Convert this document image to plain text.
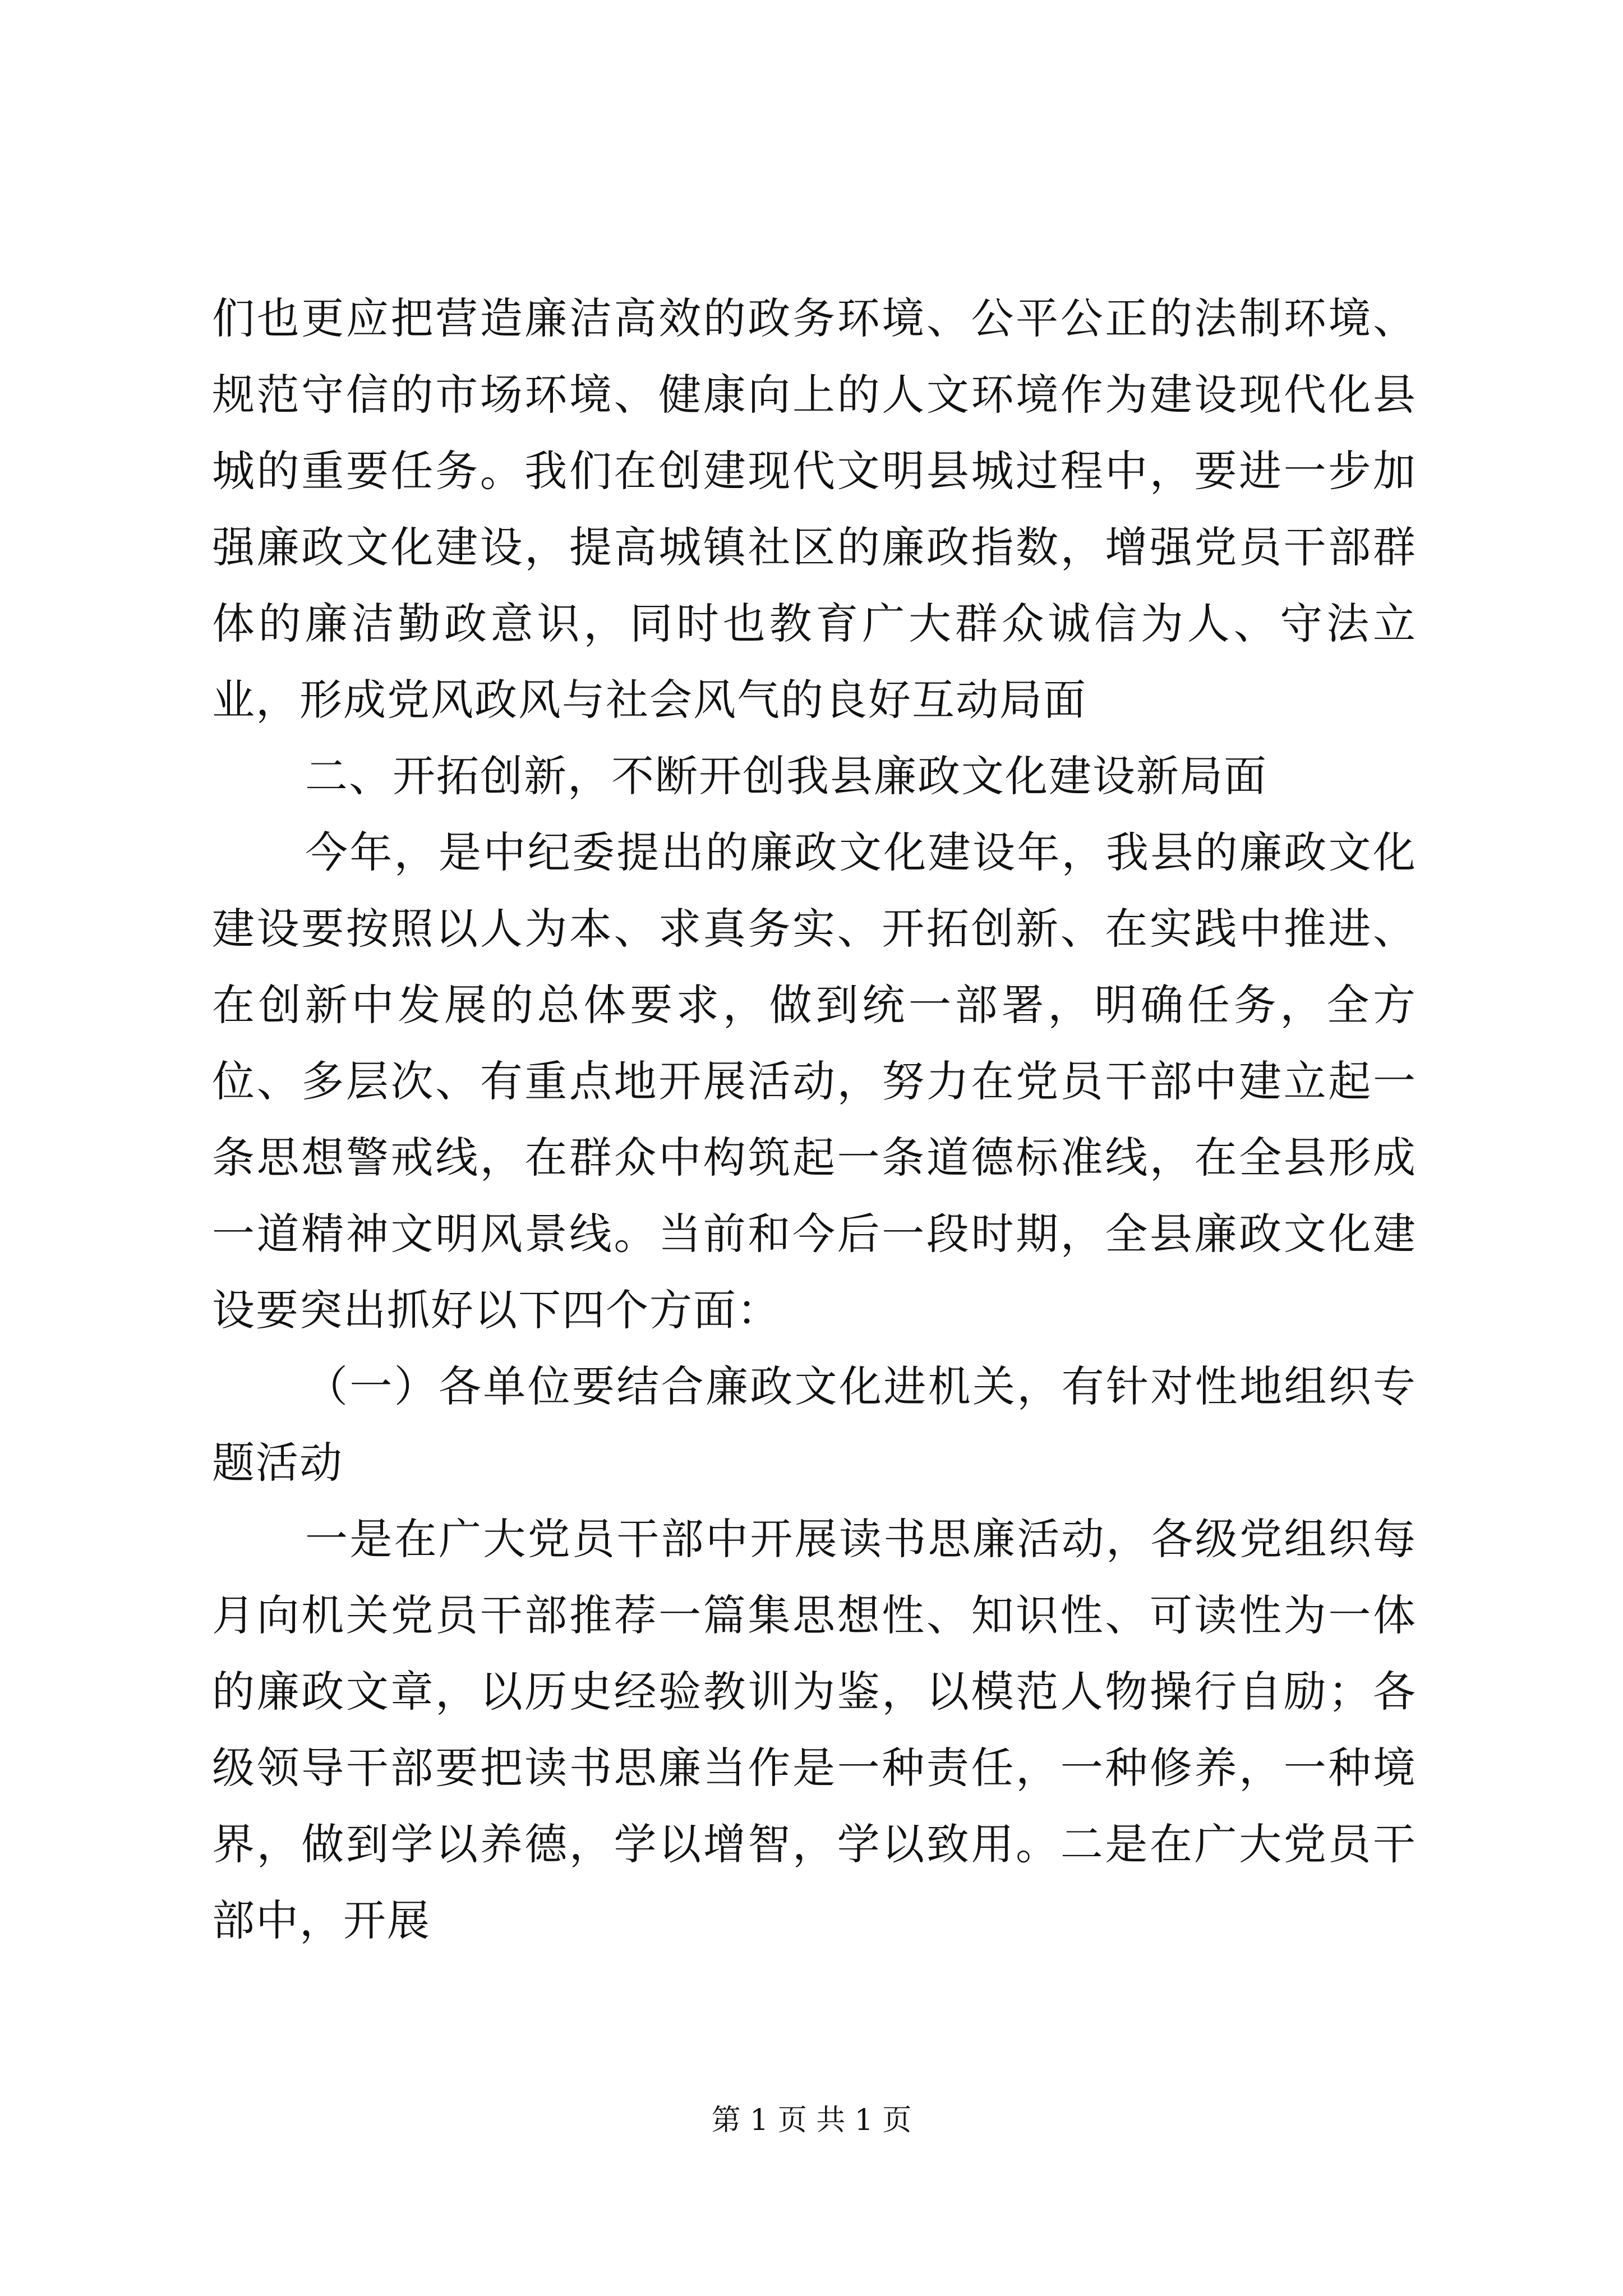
们也更应把营造廉洁高效的政务环境、公平公正的法制环境、规范守信的市场环境、健康向上的人文环境作为建设现代化县城的重要任务。我们在创建现代文明县城过程中，要进一步加强廉政文化建设，提高城镇社区的廉政指数，增强党员干部群体的廉洁勤政意识，同时也教育广大群众诚信为人、守法立业，形成党风政风与社会风气的良好互动局面

二、开拓创新，不断开创我县廉政文化建设新局面

今年，是中纪委提出的廉政文化建设年，我县的廉政文化建设要按照以人为本、求真务实、开拓创新、在实践中推进、在创新中发展的总体要求，做到统一部署，明确任务，全方位、多层次、有重点地开展活动，努力在党员干部中建立起一条思想警戒线，在群众中构筑起一条道德标准线，在全县形成一道精神文明风景线。当前和今后一段时期，全县廉政文化建设要突出抓好以下四个方面：

（一）各单位要结合廉政文化进机关，有针对性地组织专题活动

一是在广大党员干部中开展读书思廉活动，各级党组织每月向机关党员干部推荐一篇集思想性、知识性、可读性为一体的廉政文章，以历史经验教训为鉴，以模范人物操行自励；各级领导干部要把读书思廉当作是一种责任，一种修养，一种境界，做到学以养德，学以增智，学以致用。二是在广大党员干部中，开展

第 1 页 共 1 页
